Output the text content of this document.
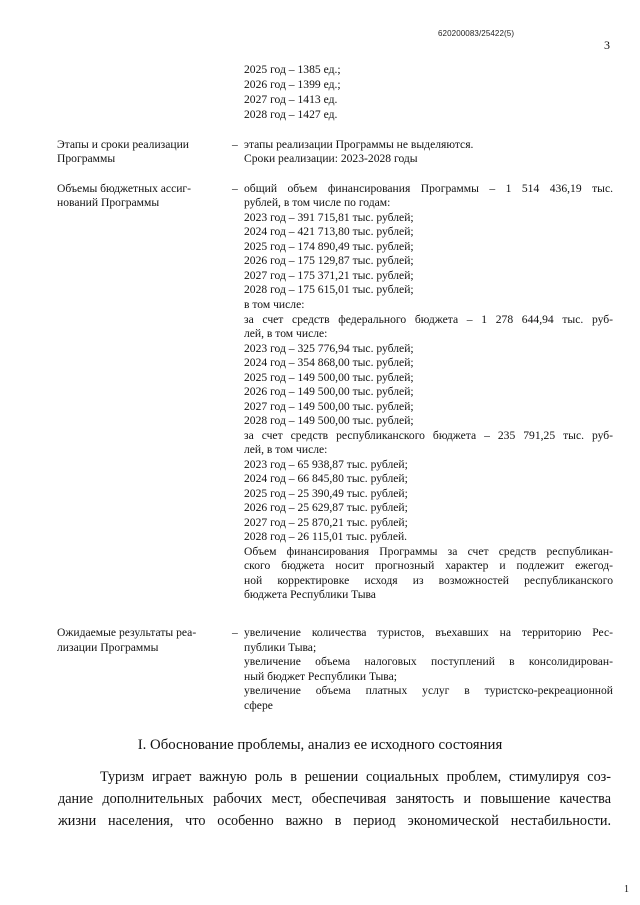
620200083/25422(5)
3
2025 год – 1385 ед.;
2026 год – 1399 ед.;
2027 год – 1413 ед.
2028 год – 1427 ед.
Этапы и сроки реализации
Программы
– этапы реализации Программы не выделяются.
Сроки реализации: 2023-2028 годы
Объемы бюджетных ассиг-
нований Программы
– общий объем финансирования Программы – 1 514 436,19 тыс.
рублей, в том числе по годам:
2023 год – 391 715,81 тыс. рублей;
2024 год – 421 713,80 тыс. рублей;
2025 год – 174 890,49 тыс. рублей;
2026 год – 175 129,87 тыс. рублей;
2027 год – 175 371,21 тыс. рублей;
2028 год – 175 615,01 тыс. рублей;
в том числе:
за счет средств федерального бюджета – 1 278 644,94 тыс. руб-
лей, в том числе:
2023 год – 325 776,94 тыс. рублей;
2024 год – 354 868,00 тыс. рублей;
2025 год – 149 500,00 тыс. рублей;
2026 год – 149 500,00 тыс. рублей;
2027 год – 149 500,00 тыс. рублей;
2028 год – 149 500,00 тыс. рублей;
за счет средств республиканского бюджета – 235 791,25 тыс. руб-
лей, в том числе:
2023 год – 65 938,87 тыс. рублей;
2024 год – 66 845,80 тыс. рублей;
2025 год – 25 390,49 тыс. рублей;
2026 год – 25 629,87 тыс. рублей;
2027 год – 25 870,21 тыс. рублей;
2028 год – 26 115,01 тыс. рублей.
Объем финансирования Программы за счет средств республикан-
ского бюджета носит прогнозный характер и подлежит ежегод-
ной корректировке исходя из возможностей республиканского
бюджета Республики Тыва
Ожидаемые результаты реа-
лизации Программы
– увеличение количества туристов, въехавших на территорию Рес-
публики Тыва;
увеличение объема налоговых поступлений в консолидирован-
ный бюджет Республики Тыва;
увеличение объема платных услуг в туристско-рекреационной
сфере
I. Обоснование проблемы, анализ ее исходного состояния
Туризм играет важную роль в решении социальных проблем, стимулируя соз-
дание дополнительных рабочих мест, обеспечивая занятость и повышение качества
жизни населения, что особенно важно в период экономической нестабильности.
1
